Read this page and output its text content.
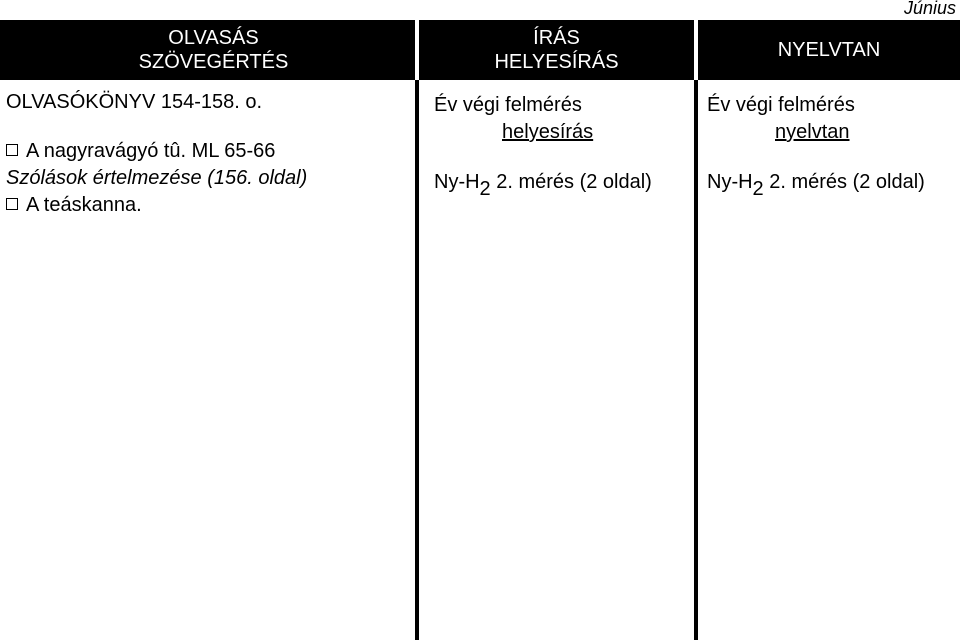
Június
OLVASÁS
SZÖVEGÉRTÉS
ÍRÁS
HELYESÍRÁS
NYELVTAN
OLVASÓKÖNYV 154-158. o.
A nagyravágyó tû. ML 65-66
Szólások értelmezése (156. oldal)
A teáskanna.
Év végi felmérés
helyesírás
Ny-H2 2. mérés (2 oldal)
Év végi felmérés
nyelvtan
Ny-H2 2. mérés (2 oldal)
